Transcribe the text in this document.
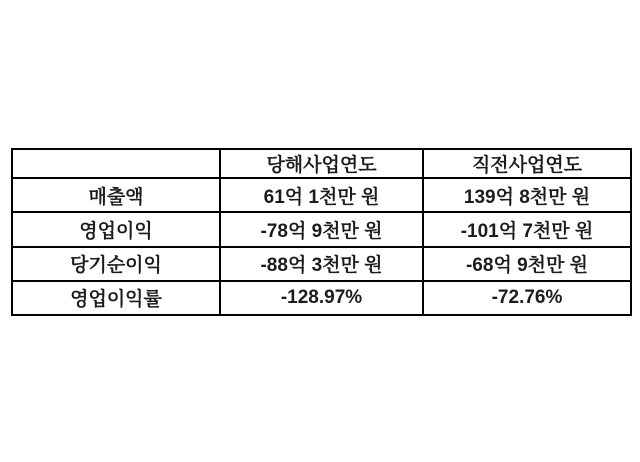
	당해사업연도	직전사업연도
매출액	61억 1천만 원	139억 8천만 원
영업이익	-78억 9천만 원	-101억 7천만 원
당기순이익	-88억 3천만 원	-68억 9천만 원
영업이익률	-128.97%	-72.76%
